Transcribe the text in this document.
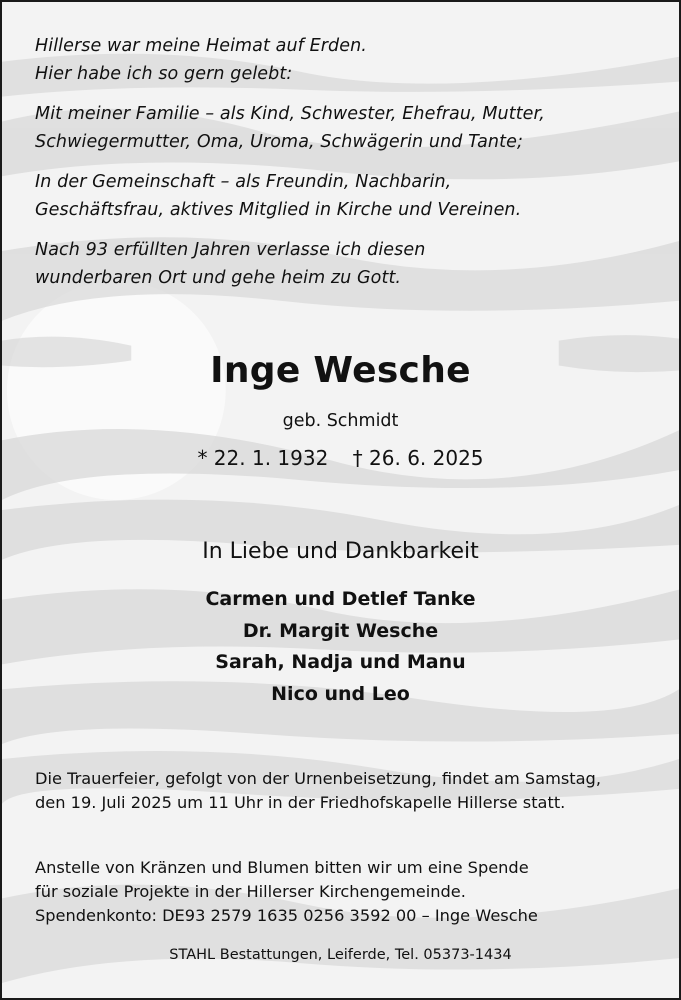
Hillerse war meine Heimat auf Erden.
Hier habe ich so gern gelebt:

Mit meiner Familie – als Kind, Schwester, Ehefrau, Mutter,
Schwiegermutter, Oma, Uroma, Schwägerin und Tante;

In der Gemeinschaft – als Freundin, Nachbarin,
Geschäftsfrau, aktives Mitglied in Kirche und Vereinen.

Nach 93 erfüllten Jahren verlasse ich diesen
wunderbaren Ort und gehe heim zu Gott.

Inge Wesche
geb. Schmidt
* 22. 1. 1932 † 26. 6. 2025
In Liebe und Dankbarkeit
Carmen und Detlef Tanke
Dr. Margit Wesche
Sarah, Nadja und Manu
Nico und Leo
Die Trauerfeier, gefolgt von der Urnenbeisetzung, findet am Samstag,
den 19. Juli 2025 um 11 Uhr in der Friedhofskapelle Hillerse statt.

Anstelle von Kränzen und Blumen bitten wir um eine Spende
für soziale Projekte in der Hillerser Kirchengemeinde.

Spendenkonto: DE93 2579 1635 0256 3592 00 – Inge Wesche

STAHL Bestattungen, Leiferde, Tel. 05373-1434
